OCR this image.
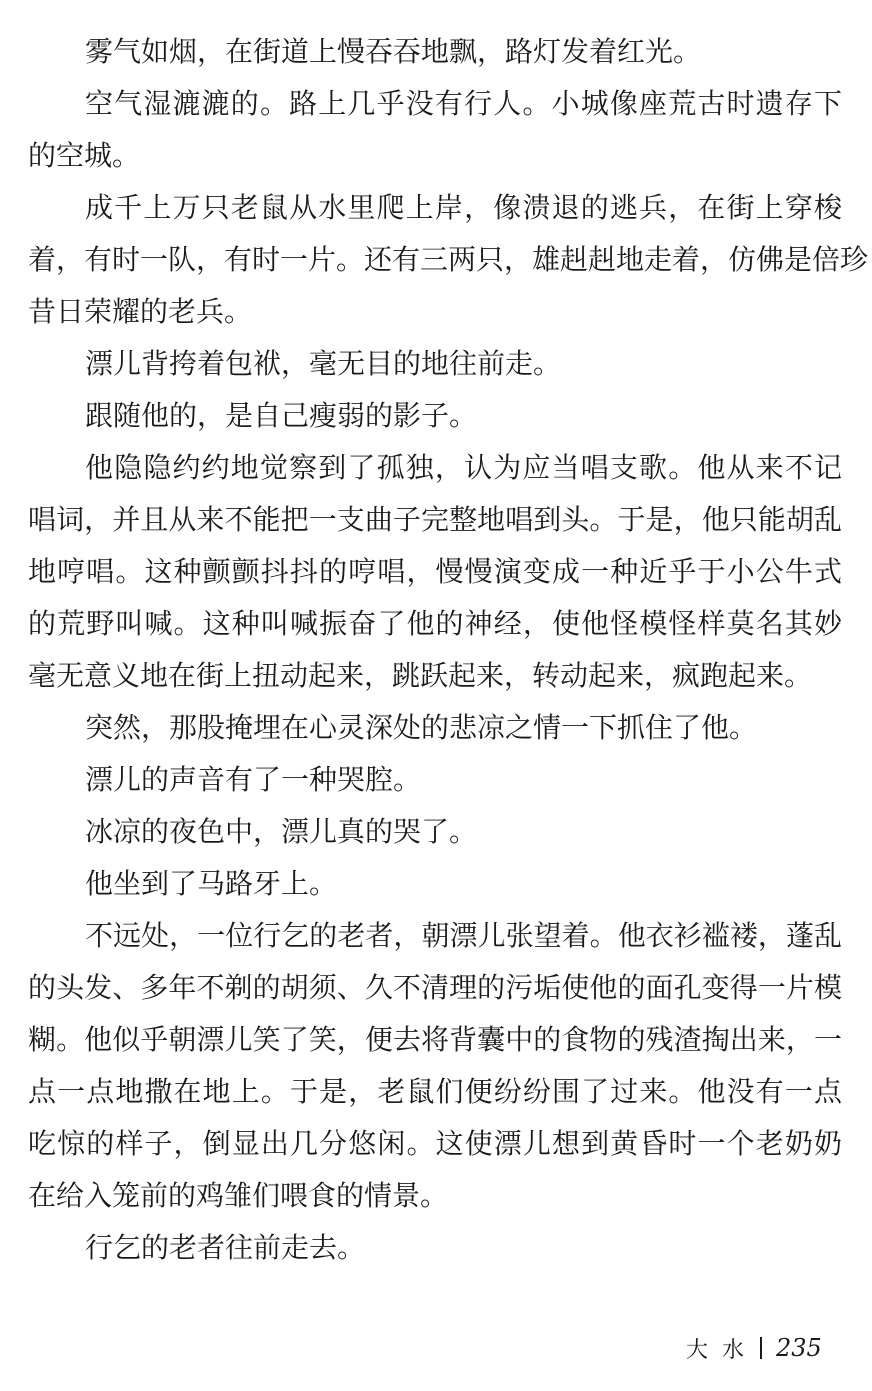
雾气如烟，在街道上慢吞吞地飘，路灯发着红光。
空气湿漉漉的。路上几乎没有行人。小城像座荒古时遗存下
的空城。
成千上万只老鼠从水里爬上岸，像溃退的逃兵，在街上穿梭
着，有时一队，有时一片。还有三两只，雄赳赳地走着，仿佛是倍珍
昔日荣耀的老兵。
漂儿背挎着包袱，毫无目的地往前走。
跟随他的，是自己瘦弱的影子。
他隐隐约约地觉察到了孤独，认为应当唱支歌。他从来不记
唱词，并且从来不能把一支曲子完整地唱到头。于是，他只能胡乱
地哼唱。这种颤颤抖抖的哼唱，慢慢演变成一种近乎于小公牛式
的荒野叫喊。这种叫喊振奋了他的神经，使他怪模怪样莫名其妙
毫无意义地在街上扭动起来，跳跃起来，转动起来，疯跑起来。
突然，那股掩埋在心灵深处的悲凉之情一下抓住了他。
漂儿的声音有了一种哭腔。
冰凉的夜色中，漂儿真的哭了。
他坐到了马路牙上。
不远处，一位行乞的老者，朝漂儿张望着。他衣衫褴褛，蓬乱
的头发、多年不剃的胡须、久不清理的污垢使他的面孔变得一片模
糊。他似乎朝漂儿笑了笑，便去将背囊中的食物的残渣掏出来，一
点一点地撒在地上。于是，老鼠们便纷纷围了过来。他没有一点
吃惊的样子，倒显出几分悠闲。这使漂儿想到黄昏时一个老奶奶
在给入笼前的鸡雏们喂食的情景。
行乞的老者往前走去。
大水 235
